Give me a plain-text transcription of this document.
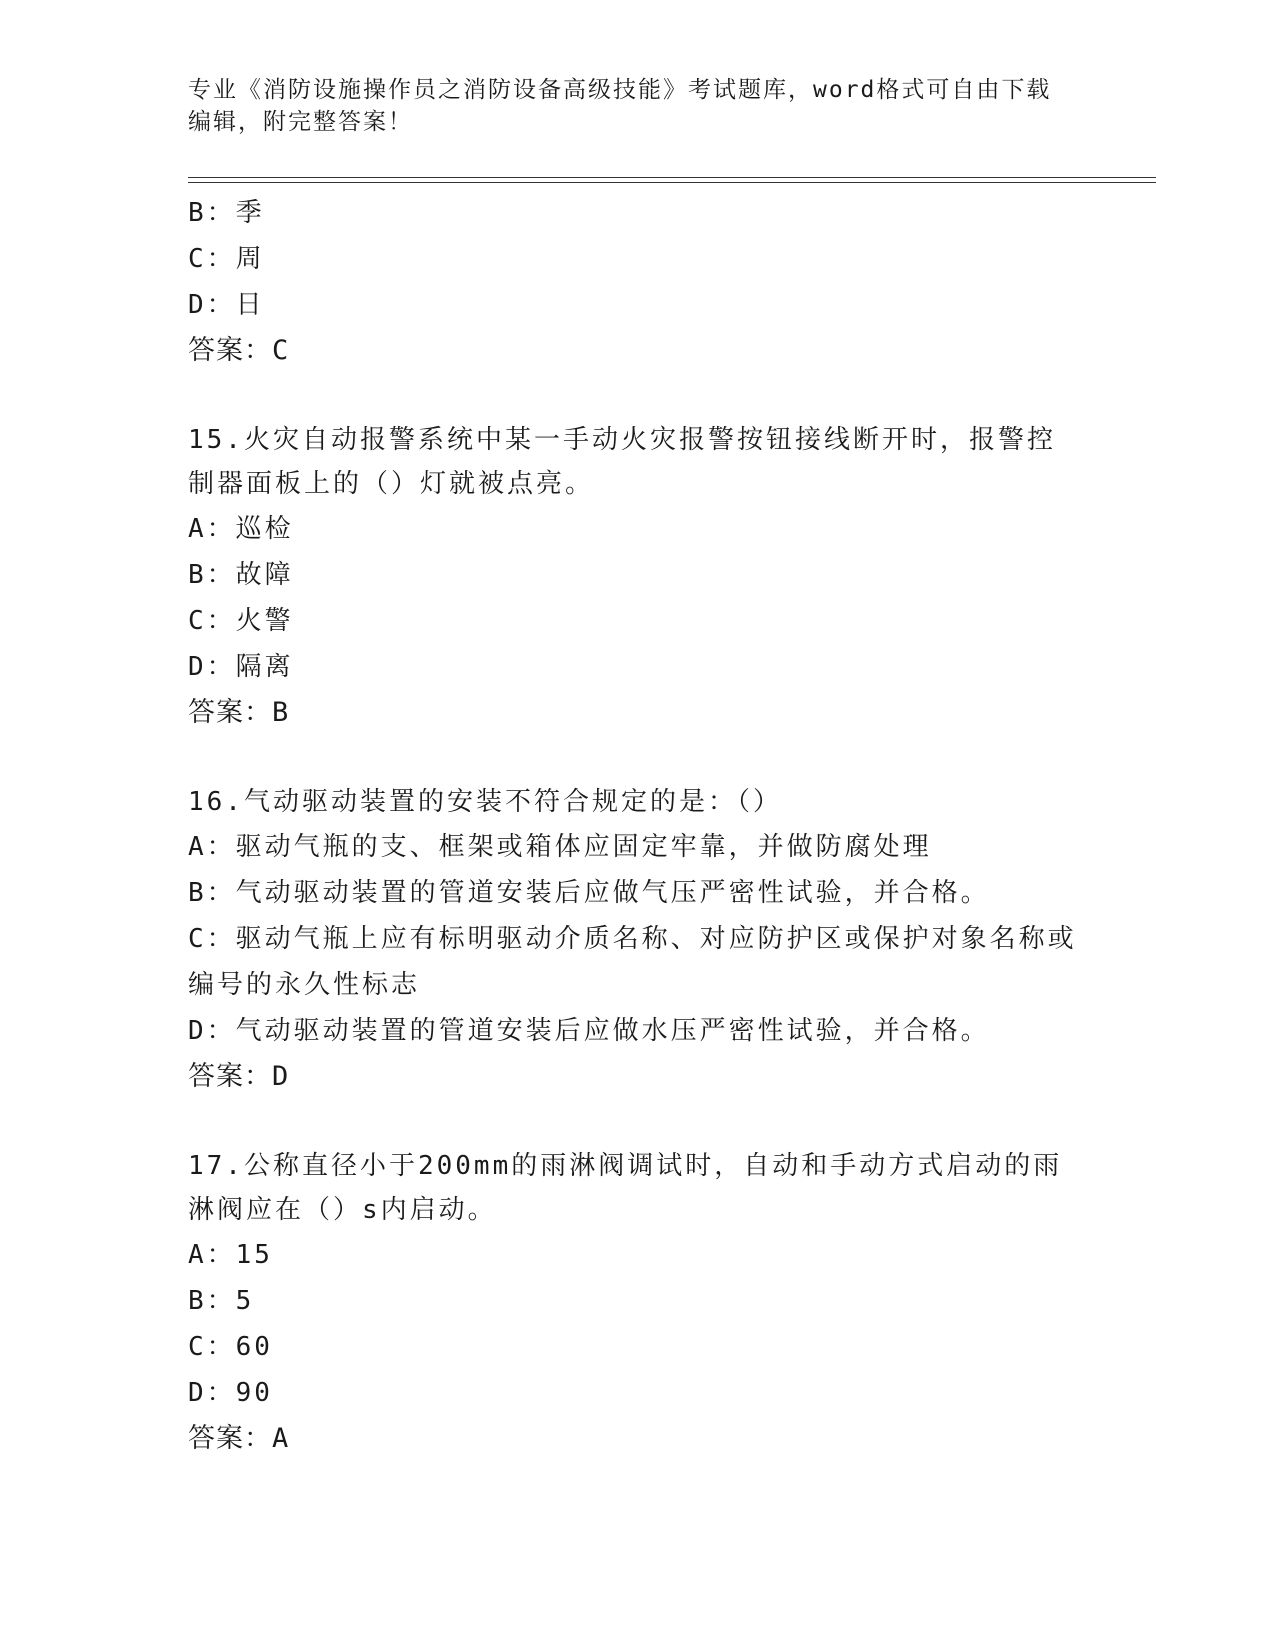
专业《消防设施操作员之消防设备高级技能》考试题库，word格式可自由下载编辑，附完整答案！
B：季
C：周
D：日
答案：C
15.火灾自动报警系统中某一手动火灾报警按钮接线断开时，报警控制器面板上的（）灯就被点亮。
A：巡检
B：故障
C：火警
D：隔离
答案：B
16.气动驱动装置的安装不符合规定的是：（）
A：驱动气瓶的支、框架或箱体应固定牢靠，并做防腐处理
B：气动驱动装置的管道安装后应做气压严密性试验，并合格。
C：驱动气瓶上应有标明驱动介质名称、对应防护区或保护对象名称或编号的永久性标志
D：气动驱动装置的管道安装后应做水压严密性试验，并合格。
答案：D
17.公称直径小于200mm的雨淋阀调试时，自动和手动方式启动的雨淋阀应在（）s内启动。
A：15
B：5
C：60
D：90
答案：A
